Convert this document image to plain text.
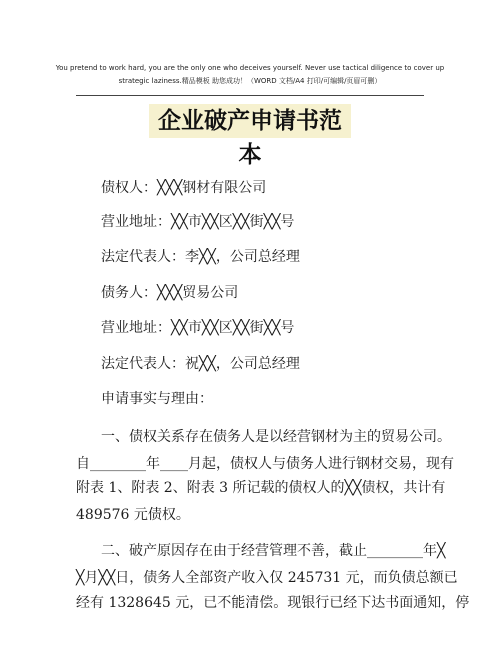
You pretend to work hard, you are the only one who deceives yourself. Never use tactical diligence to cover up
strategic laziness.精品模板 助您成功！（WORD 文档/A4 打印/可编辑/页眉可删）
企业破产申请书范本
债权人：╳╳╳钢材有限公司
营业地址：╳╳市╳╳区╳╳街╳╳号
法定代表人：李╳╳，公司总经理
债务人：╳╳╳贸易公司
营业地址：╳╳市╳╳区╳╳街╳╳号
法定代表人：祝╳╳，公司总经理
申请事实与理由：
一、债权关系存在债务人是以经营钢材为主的贸易公司。
自________年____月起，债权人与债务人进行钢材交易，现有
附表 1、附表 2、附表 3 所记载的债权人的╳╳债权，共计有
489576 元债权。
二、破产原因存在由于经营管理不善，截止________年╳
╳月╳╳日，债务人全部资产收入仅 245731 元，而负债总额已
经有 1328645 元，已不能清偿。现银行已经下达书面通知，停
